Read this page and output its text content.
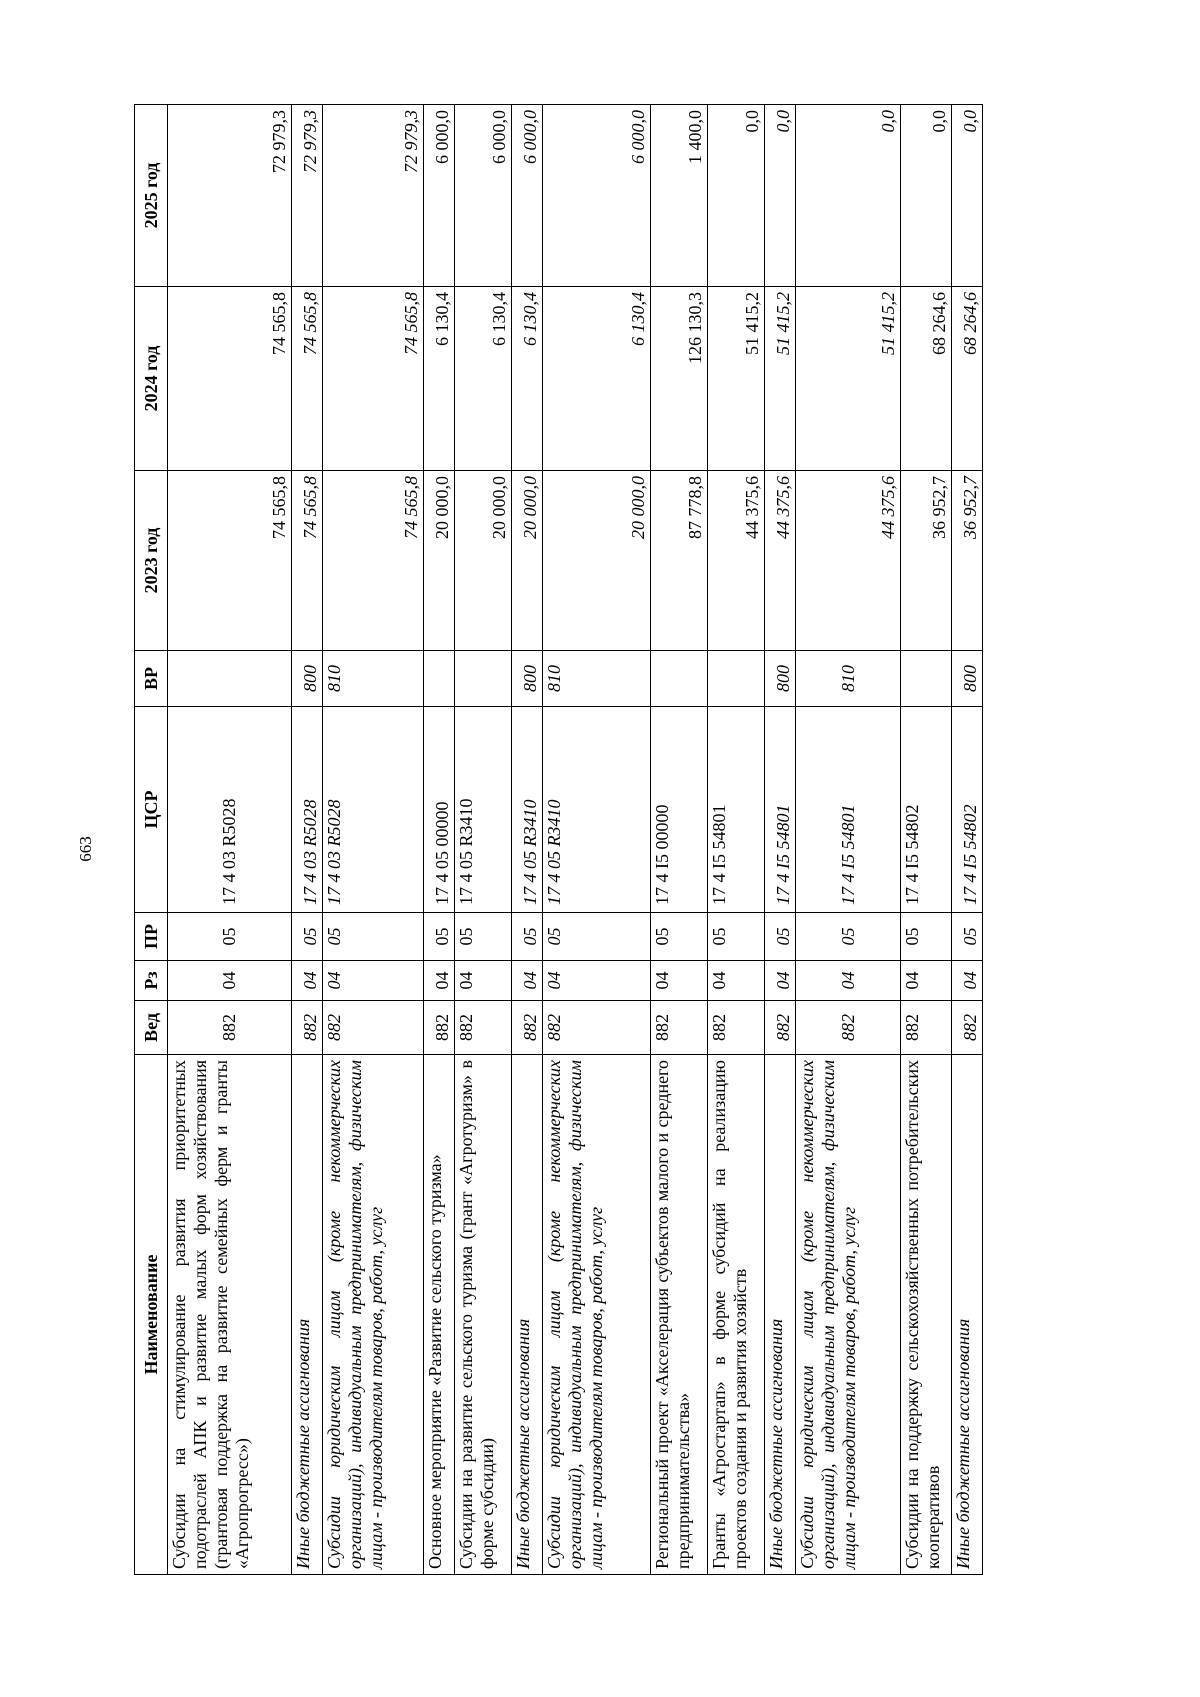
663
Наименование	Вед	Рз	ПР	ЦСР	ВР	2023 год	2024 год	2025 год
Субсидии на стимулирование развития приоритетных подотраслей АПК и развитие малых форм хозяйствования (грантовая поддержка на развитие семейных ферм и гранты «Агропрогресс»)	882	04	05	17 4 03 R5028		74 565,8	74 565,8	72 979,3
Иные бюджетные ассигнования	882	04	05	17 4 03 R5028	800	74 565,8	74 565,8	72 979,3
Субсидии юридическим лицам (кроме некоммерческих организаций), индивидуальным предпринимателям, физическим лицам - производителям товаров, работ, услуг	882	04	05	17 4 03 R5028	810	74 565,8	74 565,8	72 979,3
Основное мероприятие «Развитие сельского туризма»	882	04	05	17 4 05 00000		20 000,0	6 130,4	6 000,0
Субсидии на развитие сельского туризма (грант «Агротуризм» в форме субсидии)	882	04	05	17 4 05 R3410		20 000,0	6 130,4	6 000,0
Иные бюджетные ассигнования	882	04	05	17 4 05 R3410	800	20 000,0	6 130,4	6 000,0
Субсидии юридическим лицам (кроме некоммерческих организаций), индивидуальным предпринимателям, физическим лицам - производителям товаров, работ, услуг	882	04	05	17 4 05 R3410	810	20 000,0	6 130,4	6 000,0
Региональный проект «Акселерация субъектов малого и среднего предпринимательства»	882	04	05	17 4 I5 00000		87 778,8	126 130,3	1 400,0
Гранты «Агростартап» в форме субсидий на реализацию проектов создания и развития хозяйств	882	04	05	17 4 I5 54801		44 375,6	51 415,2	0,0
Иные бюджетные ассигнования	882	04	05	17 4 I5 54801	800	44 375,6	51 415,2	0,0
Субсидии юридическим лицам (кроме некоммерческих организаций), индивидуальным предпринимателям, физическим лицам - производителям товаров, работ, услуг	882	04	05	17 4 I5 54801	810	44 375,6	51 415,2	0,0
Субсидии на поддержку сельскохозяйственных потребительских кооперативов	882	04	05	17 4 I5 54802		36 952,7	68 264,6	0,0
Иные бюджетные ассигнования	882	04	05	17 4 I5 54802	800	36 952,7	68 264,6	0,0
